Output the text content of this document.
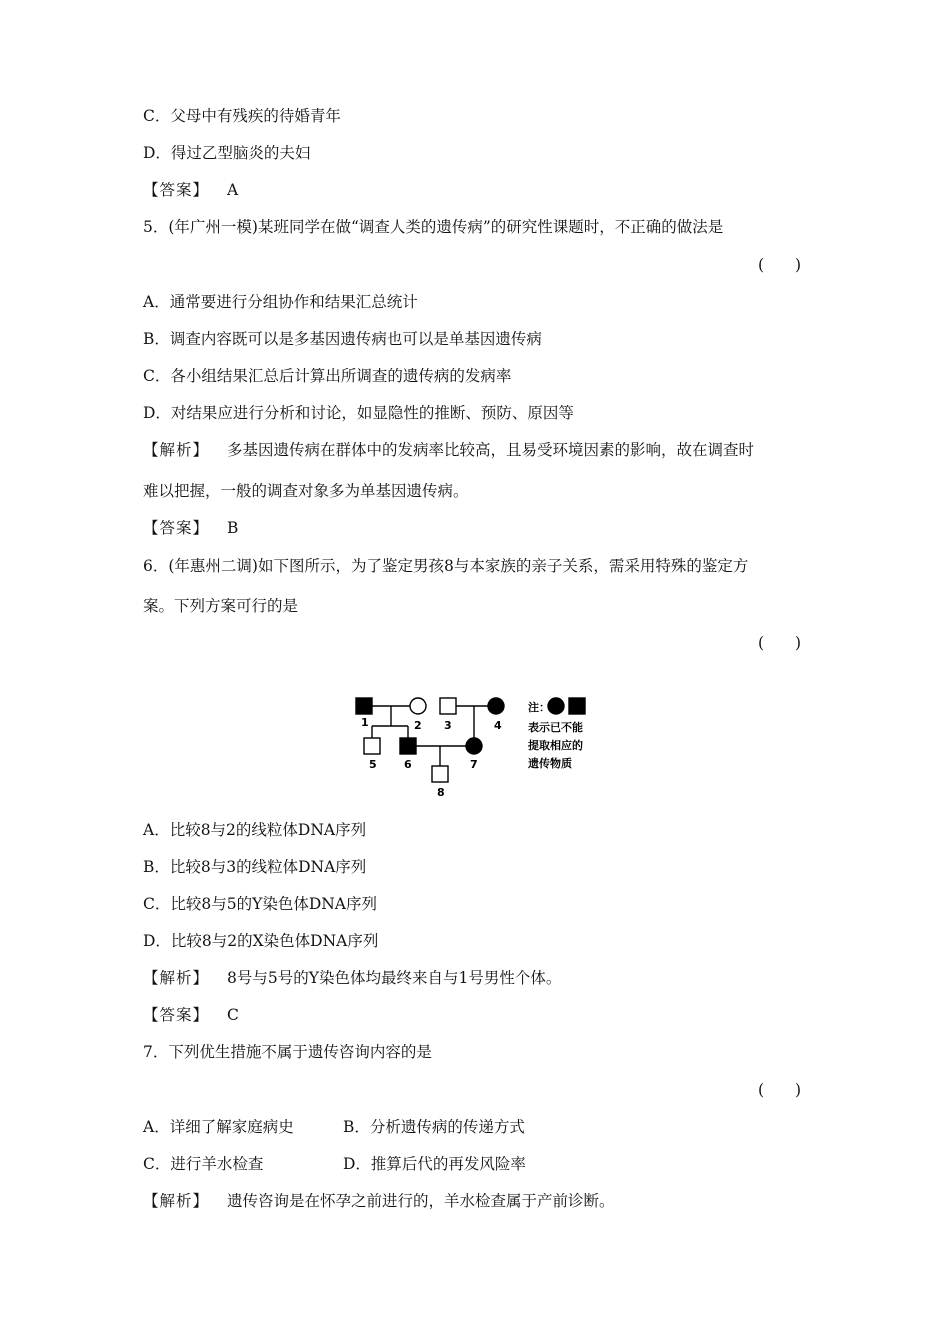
C．父母中有残疾的待婚青年
D．得过乙型脑炎的夫妇
【答案】 A
5．(年广州一模)某班同学在做“调查人类的遗传病”的研究性课题时，不正确的做法是
(　　)
A．通常要进行分组协作和结果汇总统计
B．调查内容既可以是多基因遗传病也可以是单基因遗传病
C．各小组结果汇总后计算出所调查的遗传病的发病率
D．对结果应进行分析和讨论，如显隐性的推断、预防、原因等
【解析】 多基因遗传病在群体中的发病率比较高，且易受环境因素的影响，故在调查时
难以把握，一般的调查对象多为单基因遗传病。
【答案】 B
6．(年惠州二调)如下图所示，为了鉴定男孩8与本家族的亲子关系，需采用特殊的鉴定方
案。下列方案可行的是
(　　)
1	2 3	4
5 6	7
8
注：
表示已不能
提取相应的
遗传物质
A．比较8与2的线粒体DNA序列
B．比较8与3的线粒体DNA序列
C．比较8与5的Y染色体DNA序列
D．比较8与2的X染色体DNA序列
【解析】 8号与5号的Y染色体均最终来自与1号男性个体。
【答案】 C
7．下列优生措施不属于遗传咨询内容的是
(　　)
A．详细了解家庭病史	B．分析遗传病的传递方式
C．进行羊水检查	D．推算后代的再发风险率
【解析】 遗传咨询是在怀孕之前进行的，羊水检查属于产前诊断。
